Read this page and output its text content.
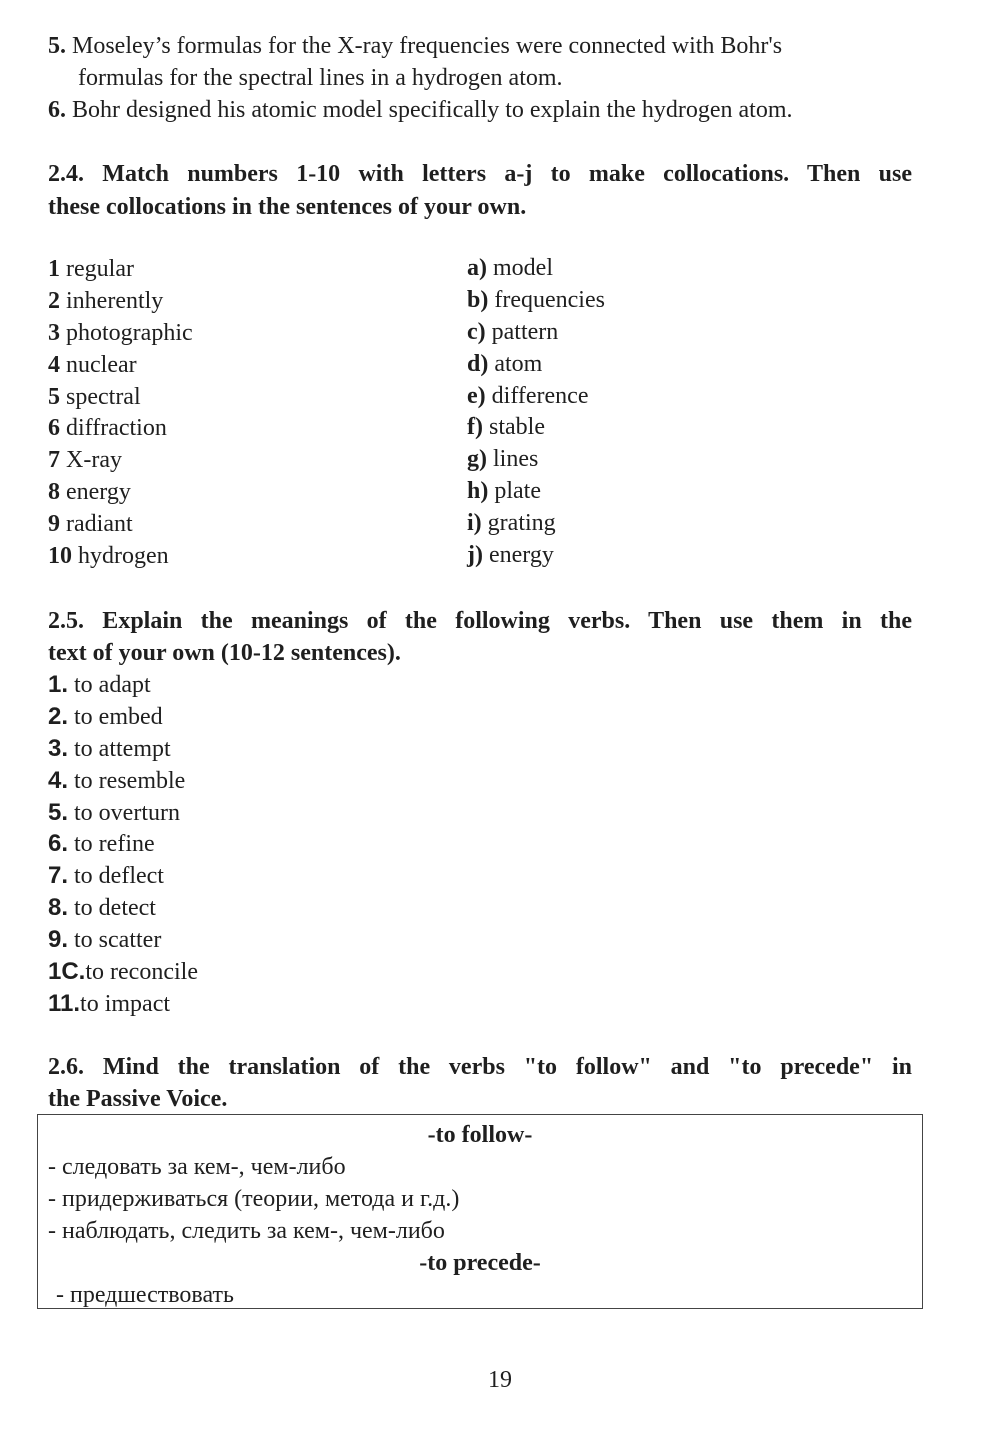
5. Moseley’s formulas for the X-ray frequencies were connected with Bohr's
formulas for the spectral lines in a hydrogen atom.
6. Bohr designed his atomic model specifically to explain the hydrogen atom.
2.4. Match numbers 1-10 with letters a-j to make collocations. Then use
these collocations in the sentences of your own.
1 regular
2 inherently
3 photographic
4 nuclear
5 spectral
6 diffraction
7 X-ray
8 energy
9 radiant
10 hydrogen
a) model
b) frequencies
c) pattern
d) atom
e) difference
f) stable
g) lines
h) plate
i) grating
j) energy
2.5. Explain the meanings of the following verbs. Then use them in the
text of your own (10-12 sentences).
1. to adapt
2. to embed
3. to attempt
4. to resemble
5. to overturn
6. to refine
7. to deflect
8. to detect
9. to scatter
1C.to reconcile
11.to impact
2.6. Mind the translation of the verbs "to follow" and "to precede" in
the Passive Voice.
-to follow-
- следовать за кем-, чем-либо
- придерживаться (теории, метода и г.д.)
- наблюдать, следить за кем-, чем-либо
-to precede-
- предшествовать
19
